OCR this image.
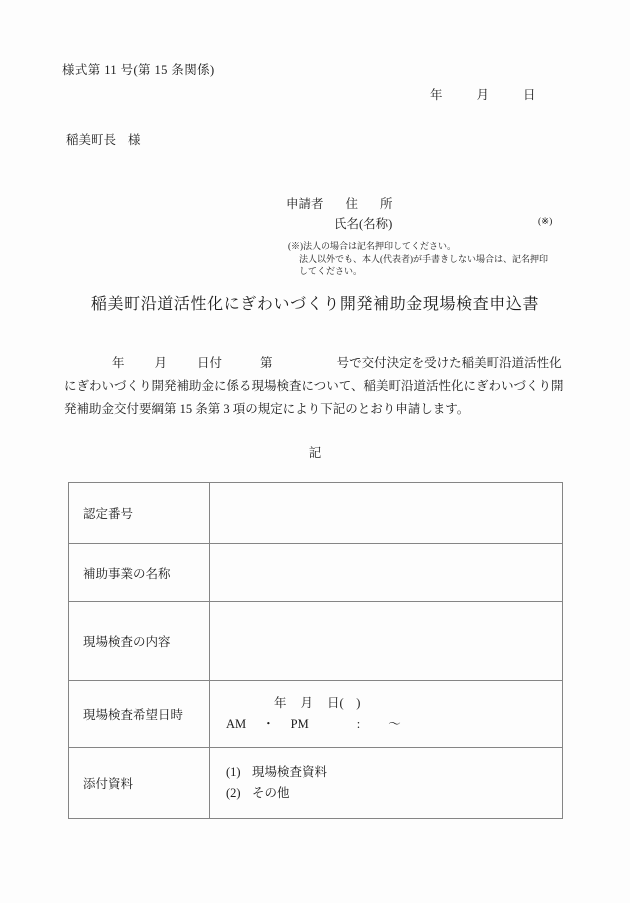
様式第 11 号(第 15 条関係)
年	月	日
稲美町長 様
申請者 住 所
氏名(名称)	(※)
(※)法人の場合は記名押印してください。
法人以外でも、本人(代表者)が手書きしない場合は、記名押印
してください。
稲美町沿道活性化にぎわいづくり開発補助金現場検査申込書
年 月 日付	第	号で交付決定を受けた稲美町沿道活性化にぎわいづくり開発補助金に係る現場検査について、稲美町沿道活性化にぎわいづくり開発補助金交付要綱第 15 条第 3 項の規定により下記のとおり申請します。
記
認定番号	
補助事業の名称	
現場検査の内容	
現場検査希望日時	年 月 日(　)
AM ・ PM : 〜

添付資料	(1) 現場検査資料
(2) その他
